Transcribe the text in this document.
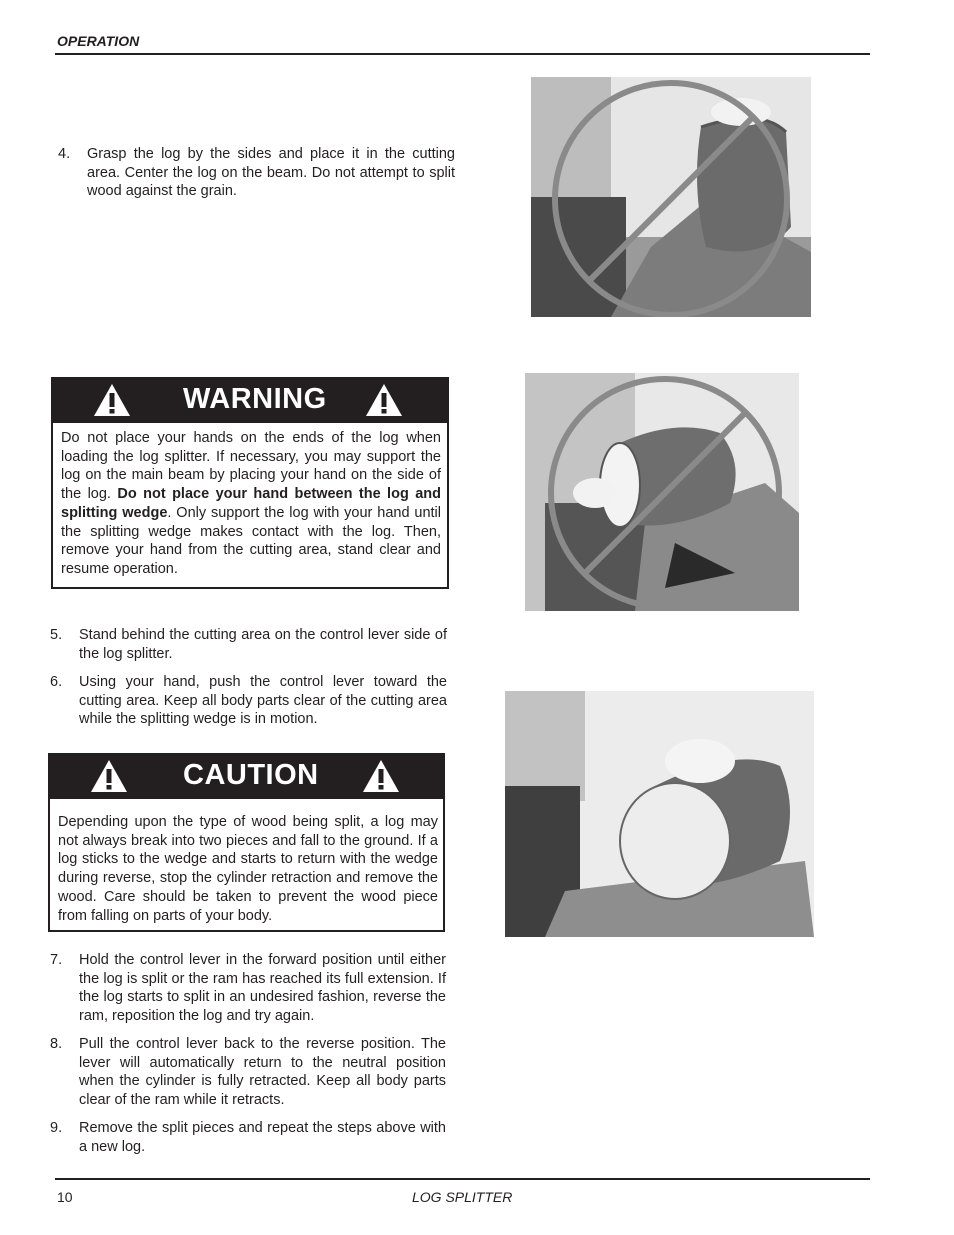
OPERATION
4. Grasp the log by the sides and place it in the cutting area. Center the log on the beam. Do not attempt to split wood against the grain.
WARNING
Do not place your hands on the ends of the log when loading the log splitter. If necessary, you may support the log on the main beam by placing your hand on the side of the log. Do not place your hand between the log and splitting wedge. Only support the log with your hand until the splitting wedge makes contact with the log. Then, remove your hand from the cutting area, stand clear and resume operation.
5. Stand behind the cutting area on the control lever side of the log splitter.
6. Using your hand, push the control lever toward the cutting area. Keep all body parts clear of the cutting area while the splitting wedge is in motion.
CAUTION
Depending upon the type of wood being split, a log may not always break into two pieces and fall to the ground. If a log sticks to the wedge and starts to return with the wedge during reverse, stop the cylinder retraction and remove the wood. Care should be taken to prevent the wood piece from falling on parts of your body.
7. Hold the control lever in the forward position until either the log is split or the ram has reached its full extension. If the log starts to split in an undesired fashion, reverse the ram, reposition the log and try again.
8. Pull the control lever back to the reverse position. The lever will automatically return to the neutral position when the cylinder is fully retracted. Keep all body parts clear of the ram while it retracts.
9. Remove the split pieces and repeat the steps above with a new log.
10	LOG SPLITTER
